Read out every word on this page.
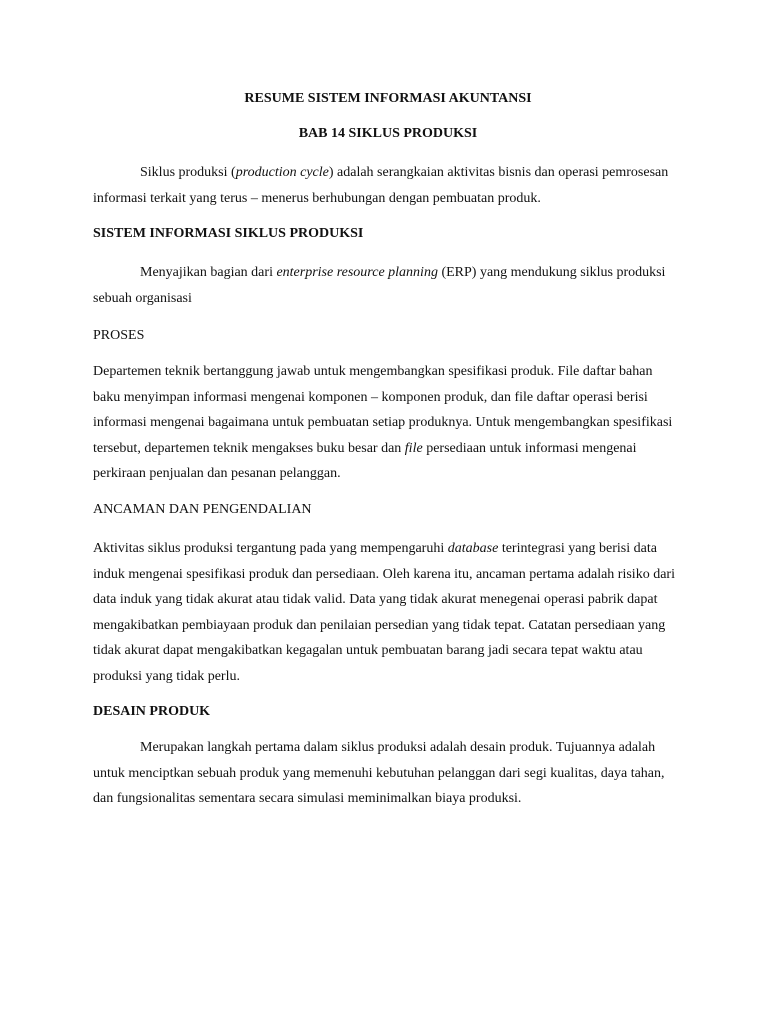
RESUME SISTEM INFORMASI AKUNTANSI

BAB 14 SIKLUS PRODUKSI

Siklus produksi (production cycle) adalah serangkaian aktivitas bisnis dan operasi pemrosesan informasi terkait yang terus – menerus berhubungan dengan pembuatan produk.

SISTEM INFORMASI SIKLUS PRODUKSI

Menyajikan bagian dari enterprise resource planning (ERP) yang mendukung siklus produksi sebuah organisasi

PROSES

Departemen teknik bertanggung jawab untuk mengembangkan spesifikasi produk. File daftar bahan baku menyimpan informasi mengenai komponen – komponen produk, dan file daftar operasi berisi informasi mengenai bagaimana untuk pembuatan setiap produknya. Untuk mengembangkan spesifikasi tersebut, departemen teknik mengakses buku besar dan file persediaan untuk informasi mengenai perkiraan penjualan dan pesanan pelanggan.

ANCAMAN DAN PENGENDALIAN

Aktivitas siklus produksi tergantung pada yang mempengaruhi database terintegrasi yang berisi data induk mengenai spesifikasi produk dan persediaan. Oleh karena itu, ancaman pertama adalah risiko dari data induk yang tidak akurat atau tidak valid. Data yang tidak akurat menegenai operasi pabrik dapat mengakibatkan pembiayaan produk dan penilaian persedian yang tidak tepat. Catatan persediaan yang tidak akurat dapat mengakibatkan kegagalan untuk pembuatan barang jadi secara tepat waktu atau produksi yang tidak perlu.

DESAIN PRODUK

Merupakan langkah pertama dalam siklus produksi adalah desain produk. Tujuannya adalah untuk menciptkan sebuah produk yang memenuhi kebutuhan pelanggan dari segi kualitas, daya tahan, dan fungsionalitas sementara secara simulasi meminimalkan biaya produksi.
